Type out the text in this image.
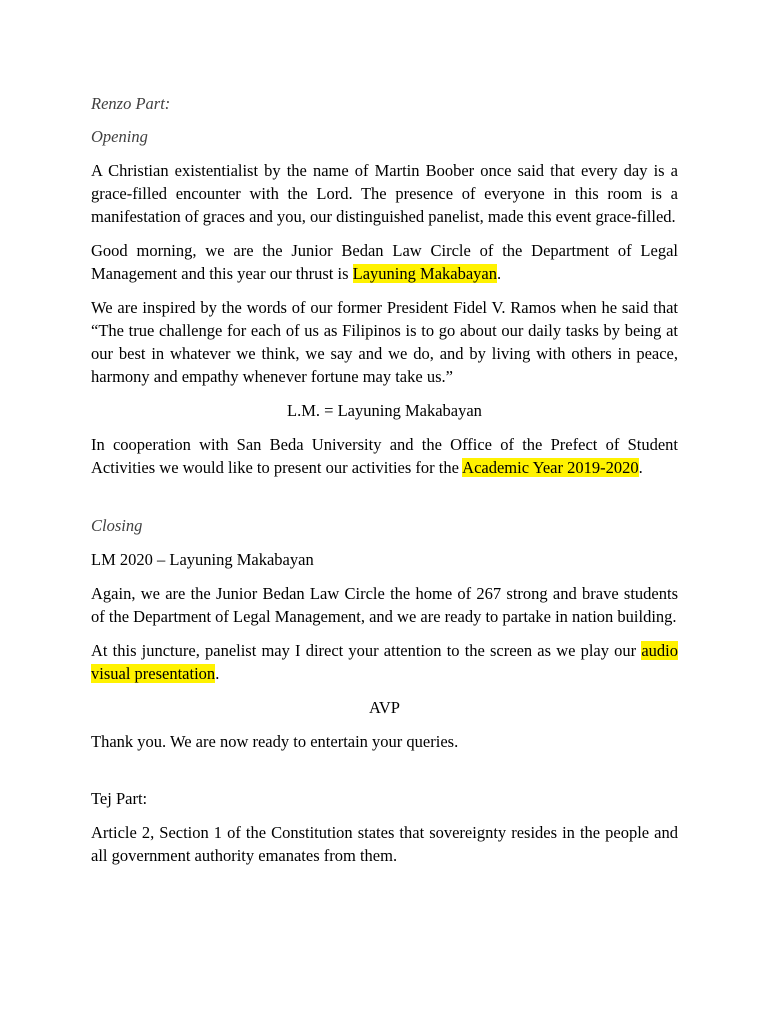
Renzo Part:

Opening

A Christian existentialist by the name of Martin Boober once said that every day is a grace-filled encounter with the Lord. The presence of everyone in this room is a manifestation of graces and you, our distinguished panelist, made this event grace-filled.

Good morning, we are the Junior Bedan Law Circle of the Department of Legal Management and this year our thrust is Layuning Makabayan.

We are inspired by the words of our former President Fidel V. Ramos when he said that “The true challenge for each of us as Filipinos is to go about our daily tasks by being at our best in whatever we think, we say and we do, and by living with others in peace, harmony and empathy whenever fortune may take us.”

L.M. = Layuning Makabayan

In cooperation with San Beda University and the Office of the Prefect of Student Activities we would like to present our activities for the Academic Year 2019-2020.

Closing

LM 2020 – Layuning Makabayan

Again, we are the Junior Bedan Law Circle the home of 267 strong and brave students of the Department of Legal Management, and we are ready to partake in nation building.

At this juncture, panelist may I direct your attention to the screen as we play our audio visual presentation.

AVP

Thank you. We are now ready to entertain your queries.

Tej Part:

Article 2, Section 1 of the Constitution states that sovereignty resides in the people and all government authority emanates from them.
